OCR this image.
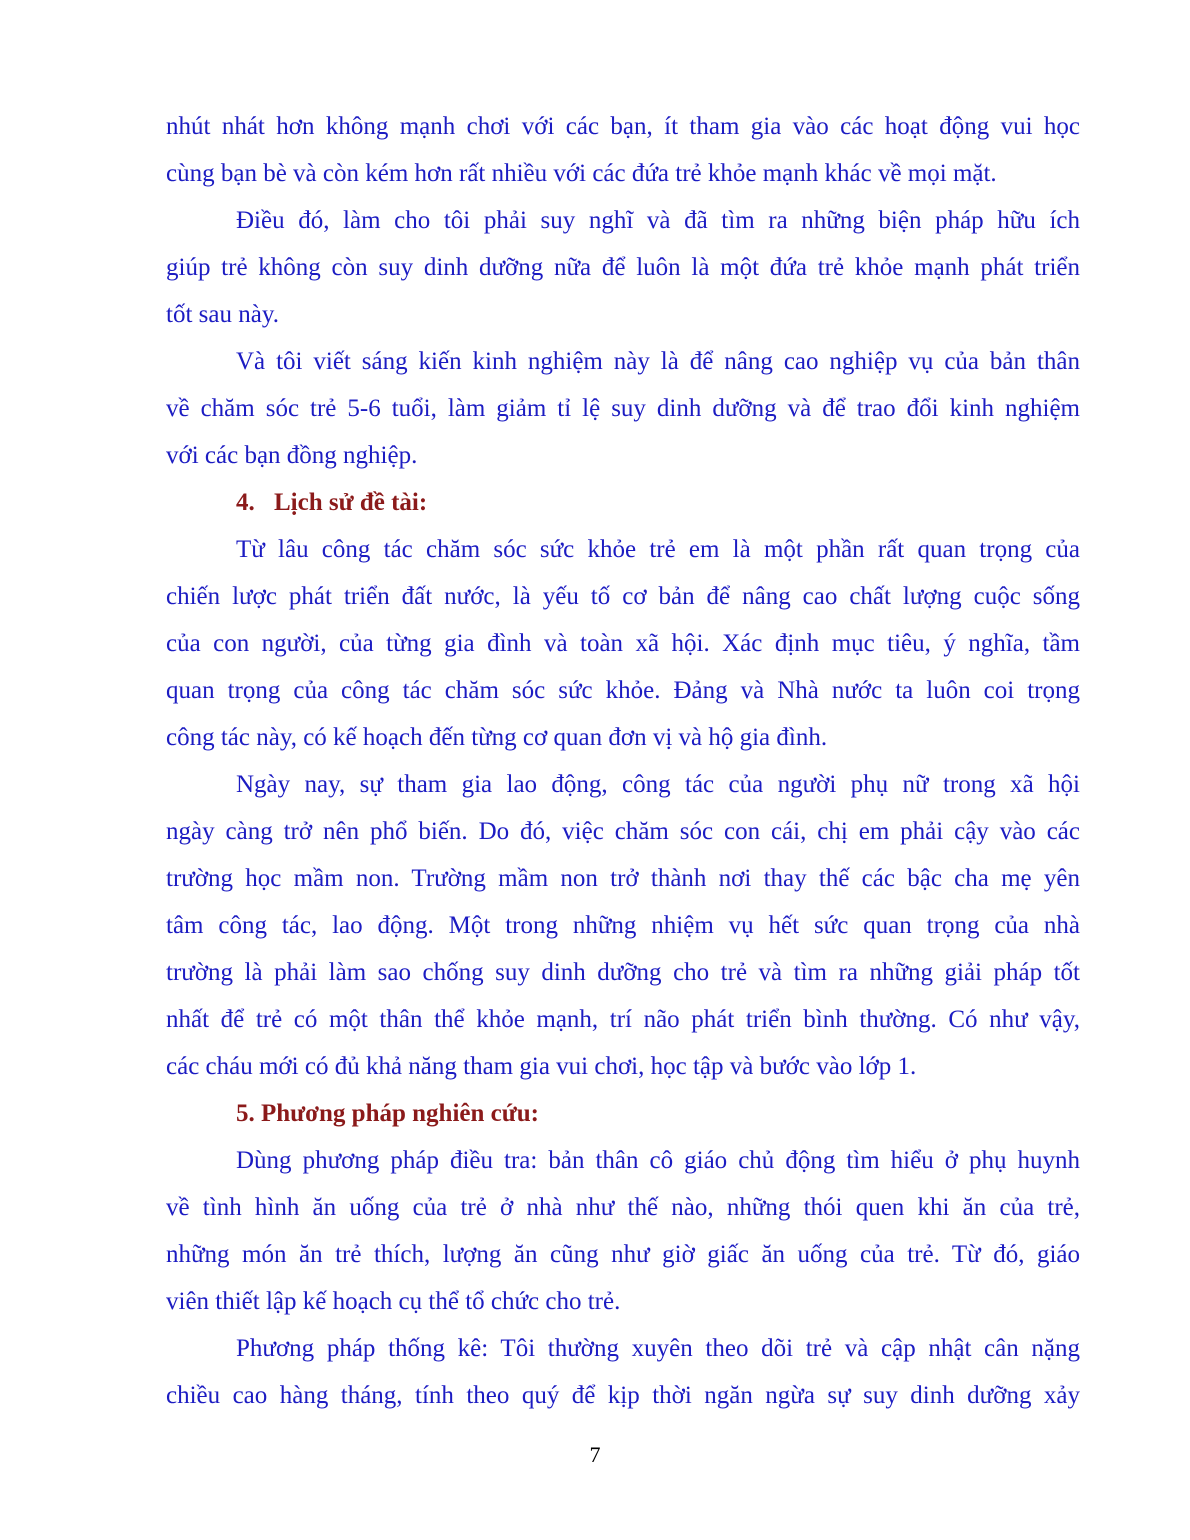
nhút nhát hơn không mạnh chơi với các bạn, ít tham gia vào các hoạt động vui học
cùng bạn bè và còn kém hơn rất nhiều với các đứa trẻ khỏe mạnh khác về mọi mặt.
Điều đó, làm cho tôi phải suy nghĩ và đã tìm ra những biện pháp hữu ích
giúp trẻ không còn suy dinh dưỡng nữa để luôn là một đứa trẻ khỏe mạnh phát triển
tốt sau này.
Và tôi viết sáng kiến kinh nghiệm này là để nâng cao nghiệp vụ của bản thân
về chăm sóc trẻ 5-6 tuổi, làm giảm tỉ lệ suy dinh dưỡng và để trao đổi kinh nghiệm
với các bạn đồng nghiệp.
4. Lịch sử đề tài:
Từ lâu công tác chăm sóc sức khỏe trẻ em là một phần rất quan trọng của
chiến lược phát triển đất nước, là yếu tố cơ bản để nâng cao chất lượng cuộc sống
của con người, của từng gia đình và toàn xã hội. Xác định mục tiêu, ý nghĩa, tầm
quan trọng của công tác chăm sóc sức khỏe. Đảng và Nhà nước ta luôn coi trọng
công tác này, có kế hoạch đến từng cơ quan đơn vị và hộ gia đình.
Ngày nay, sự tham gia lao động, công tác của người phụ nữ trong xã hội
ngày càng trở nên phổ biến. Do đó, việc chăm sóc con cái, chị em phải cậy vào các
trường học mầm non. Trường mầm non trở thành nơi thay thế các bậc cha mẹ yên
tâm công tác, lao động. Một trong những nhiệm vụ hết sức quan trọng của nhà
trường là phải làm sao chống suy dinh dưỡng cho trẻ và tìm ra những giải pháp tốt
nhất để trẻ có một thân thể khỏe mạnh, trí não phát triển bình thường. Có như vậy,
các cháu mới có đủ khả năng tham gia vui chơi, học tập và bước vào lớp 1.
5. Phương pháp nghiên cứu:
Dùng phương pháp điều tra: bản thân cô giáo chủ động tìm hiểu ở phụ huynh
về tình hình ăn uống của trẻ ở nhà như thế nào, những thói quen khi ăn của trẻ,
những món ăn trẻ thích, lượng ăn cũng như giờ giấc ăn uống của trẻ. Từ đó, giáo
viên thiết lập kế hoạch cụ thể tổ chức cho trẻ.
Phương pháp thống kê: Tôi thường xuyên theo dõi trẻ và cập nhật cân nặng
chiều cao hàng tháng, tính theo quý để kịp thời ngăn ngừa sự suy dinh dưỡng xảy
7
